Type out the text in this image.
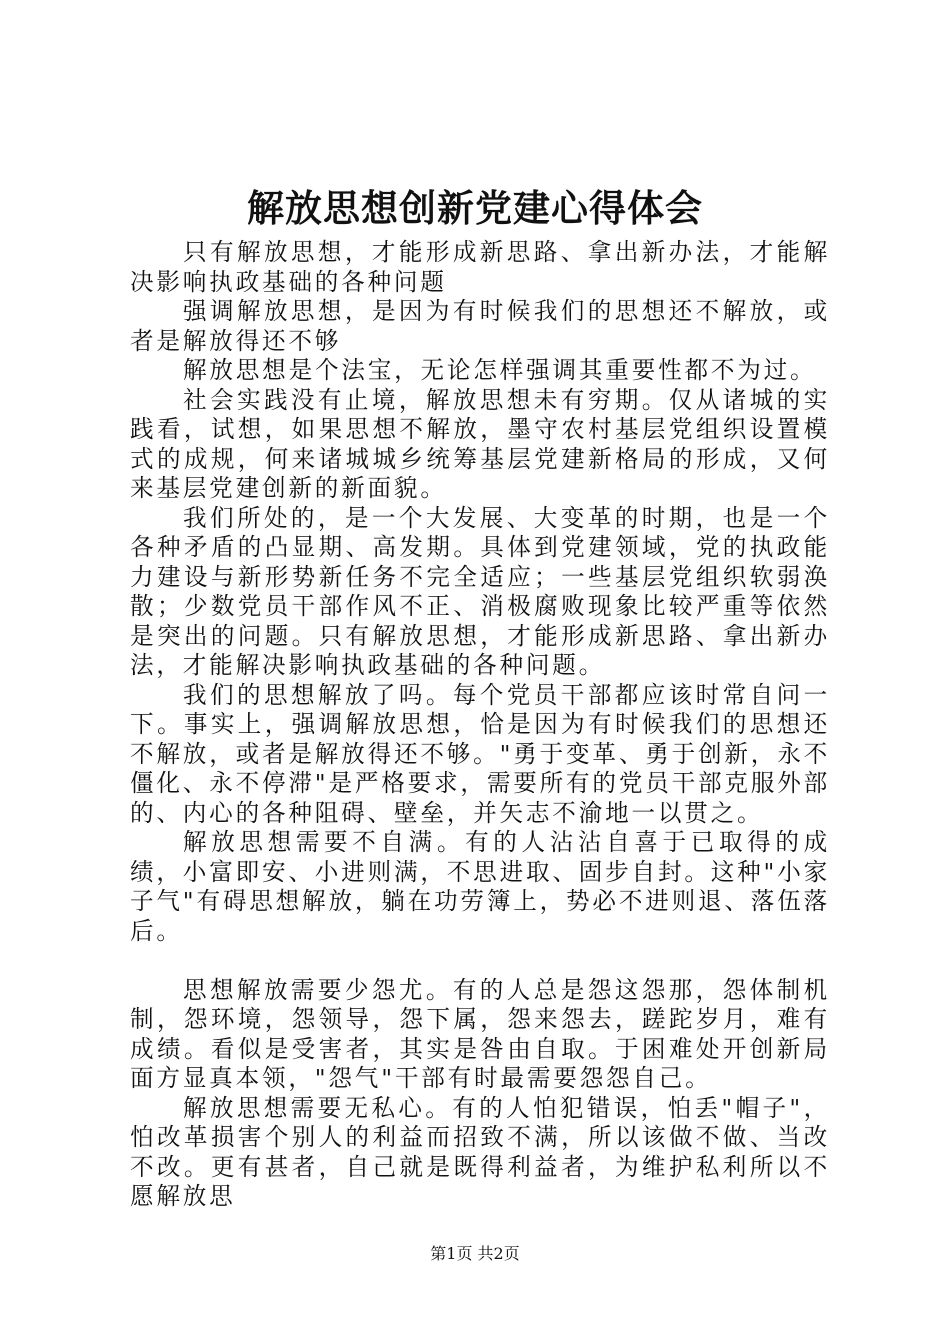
解放思想创新党建心得体会

只有解放思想，才能形成新思路、拿出新办法，才能解决影响执政基础的各种问题

强调解放思想，是因为有时候我们的思想还不解放，或者是解放得还不够

解放思想是个法宝，无论怎样强调其重要性都不为过。

社会实践没有止境，解放思想未有穷期。仅从诸城的实践看，试想，如果思想不解放，墨守农村基层党组织设置模式的成规，何来诸城城乡统筹基层党建新格局的形成，又何来基层党建创新的新面貌。

我们所处的，是一个大发展、大变革的时期，也是一个各种矛盾的凸显期、高发期。具体到党建领域，党的执政能力建设与新形势新任务不完全适应；一些基层党组织软弱涣散；少数党员干部作风不正、消极腐败现象比较严重等依然是突出的问题。只有解放思想，才能形成新思路、拿出新办法，才能解决影响执政基础的各种问题。

我们的思想解放了吗。每个党员干部都应该时常自问一下。事实上，强调解放思想，恰是因为有时候我们的思想还不解放，或者是解放得还不够。"勇于变革、勇于创新，永不僵化、永不停滞"是严格要求，需要所有的党员干部克服外部的、内心的各种阻碍、壁垒，并矢志不渝地一以贯之。

解放思想需要不自满。有的人沾沾自喜于已取得的成绩，小富即安、小进则满，不思进取、固步自封。这种"小家子气"有碍思想解放，躺在功劳簿上，势必不进则退、落伍落后。

思想解放需要少怨尤。有的人总是怨这怨那，怨体制机制，怨环境，怨领导，怨下属，怨来怨去，蹉跎岁月，难有成绩。看似是受害者，其实是咎由自取。于困难处开创新局面方显真本领，"怨气"干部有时最需要怨怨自己。

解放思想需要无私心。有的人怕犯错误，怕丢"帽子"，怕改革损害个别人的利益而招致不满，所以该做不做、当改不改。更有甚者，自己就是既得利益者，为维护私利所以不愿解放思

第1页 共2页
